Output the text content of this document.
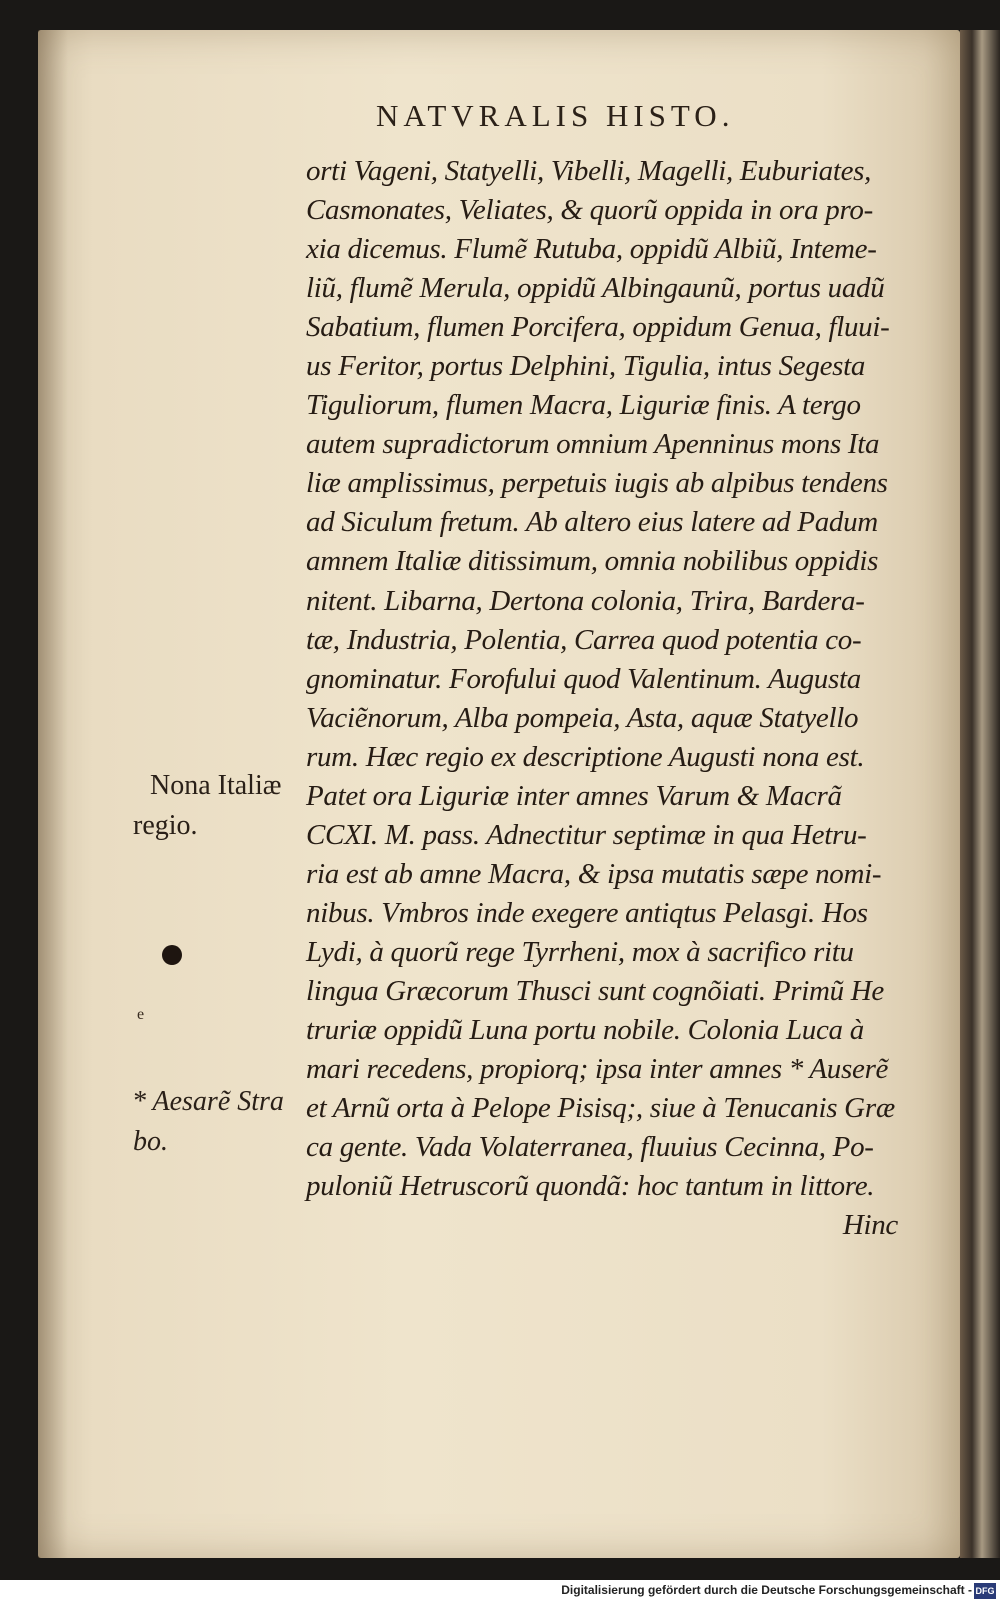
NATVRALIS HISTO.
orti Vageni, Statyelli, Vibelli, Magelli, Euburiates,
Casmonates, Veliates, & quorũ oppida in ora pro-
xia dicemus. Flumẽ Rutuba, oppidũ Albiũ, Inteme-
liũ, flumẽ Merula, oppidũ Albingaunũ, portus uadũ
Sabatium, flumen Porcifera, oppidum Genua, fluui-
us Feritor, portus Delphini, Tigulia, intus Segesta
Tiguliorum, flumen Macra, Liguriæ finis. A tergo
autem supradictorum omnium Apenninus mons Ita
liæ amplissimus, perpetuis iugis ab alpibus tendens
ad Siculum fretum. Ab altero eius latere ad Padum
amnem Italiæ ditissimum, omnia nobilibus oppidis
nitent. Libarna, Dertona colonia, Trira, Bardera-
tæ, Industria, Polentia, Carrea quod potentia co-
gnominatur. Forofului quod Valentinum. Augusta
Vaciẽnorum, Alba pompeia, Asta, aquæ Statyello
rum. Hæc regio ex descriptione Augusti nona est.
Patet ora Liguriæ inter amnes Varum & Macrã
CCXI. M. pass. Adnectitur septimæ in qua Hetru-
ria est ab amne Macra, & ipsa mutatis sæpe nomi-
nibus. Vmbros inde exegere antiqtus Pelasgi. Hos
Lydi, à quorũ rege Tyrrheni, mox à sacrifico ritu
lingua Græcorum Thusci sunt cognõiati. Primũ He
truriæ oppidũ Luna portu nobile. Colonia Luca à
mari recedens, propiorq; ipsa inter amnes * Auserẽ
et Arnũ orta à Pelope Pisisq;, siue à Tenucanis Græ
ca gente. Vada Volaterranea, fluuius Cecinna, Po-
puloniũ Hetruscorũ quondã: hoc tantum in littore.
Hinc
Nona Italiæ
regio.
e
* Aesarẽ Stra
bo.
Digitalisierung gefördert durch die Deutsche Forschungsgemeinschaft - DFG
